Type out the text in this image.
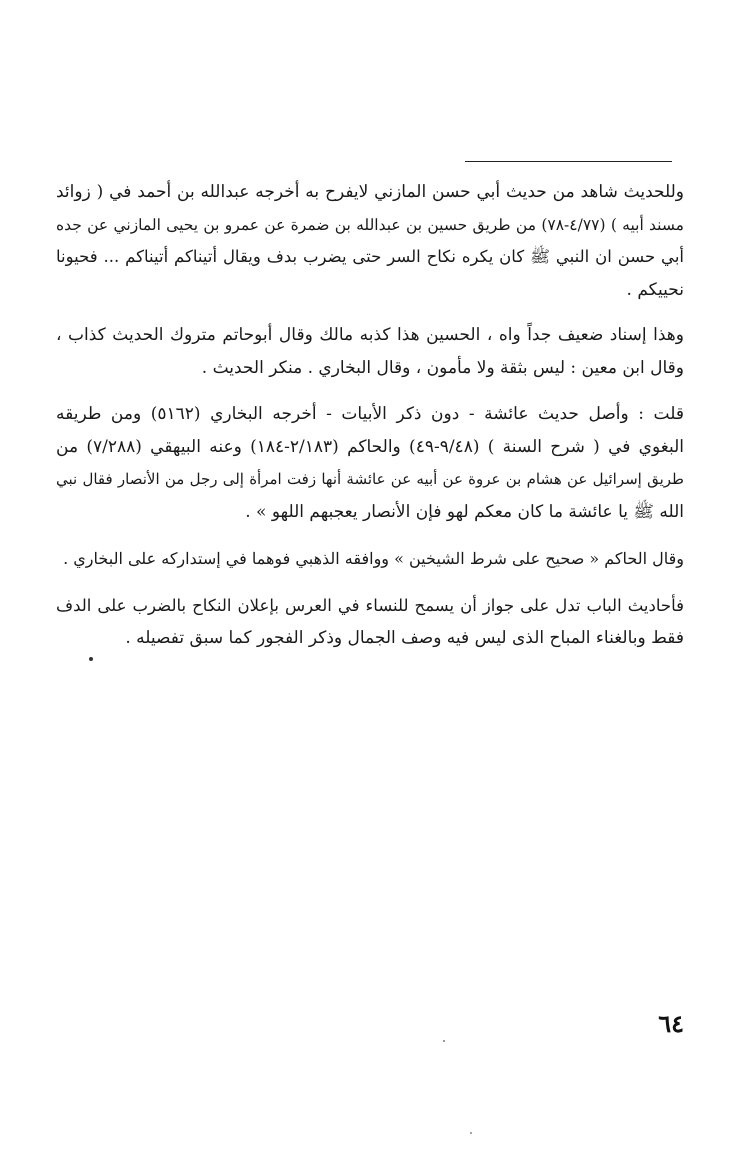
وللحديث شاهد من حديث أبي حسن المازني لايفرح به أخرجه عبدالله بن أحمد في ( زوائد
مسند أبيه ) (٤/٧٧-٧٨) من طريق حسين بن عبدالله بن ضمرة عن عمرو بن يحيى المازني عن جده
أبي حسن ان النبي ﷺ كان يكره نكاح السر حتى يضرب بدف ويقال أتيناكم أتيناكم ... فحيونا
نحييكم .
وهذا إسناد ضعيف جداً واه ، الحسين هذا كذبه مالك وقال أبوحاتم متروك الحديث كذاب ،
وقال ابن معين : ليس بثقة ولا مأمون ، وقال البخاري . منكر الحديث .
قلت : وأصل حديث عائشة - دون ذكر الأبيات - أخرجه البخاري (٥١٦٢) ومن طريقه
البغوي في ( شرح السنة ) (٩/٤٨-٤٩) والحاكم (٢/١٨٣-١٨٤) وعنه البيهقي (٧/٢٨٨) من
طريق إسرائيل عن هشام بن عروة عن أبيه عن عائشة أنها زفت امرأة إلى رجل من الأنصار فقال نبي
الله ﷺ يا عائشة ما كان معكم لهو فإن الأنصار يعجبهم اللهو » .
وقال الحاكم « صحيح على شرط الشيخين » ووافقه الذهبي فوهما في إستداركه على البخاري .
فأحاديث الباب تدل على جواز أن يسمح للنساء في العرس بإعلان النكاح بالضرب على الدف
فقط وبالغناء المباح الذى ليس فيه وصف الجمال وذكر الفجور كما سبق تفصيله .
٦٤
